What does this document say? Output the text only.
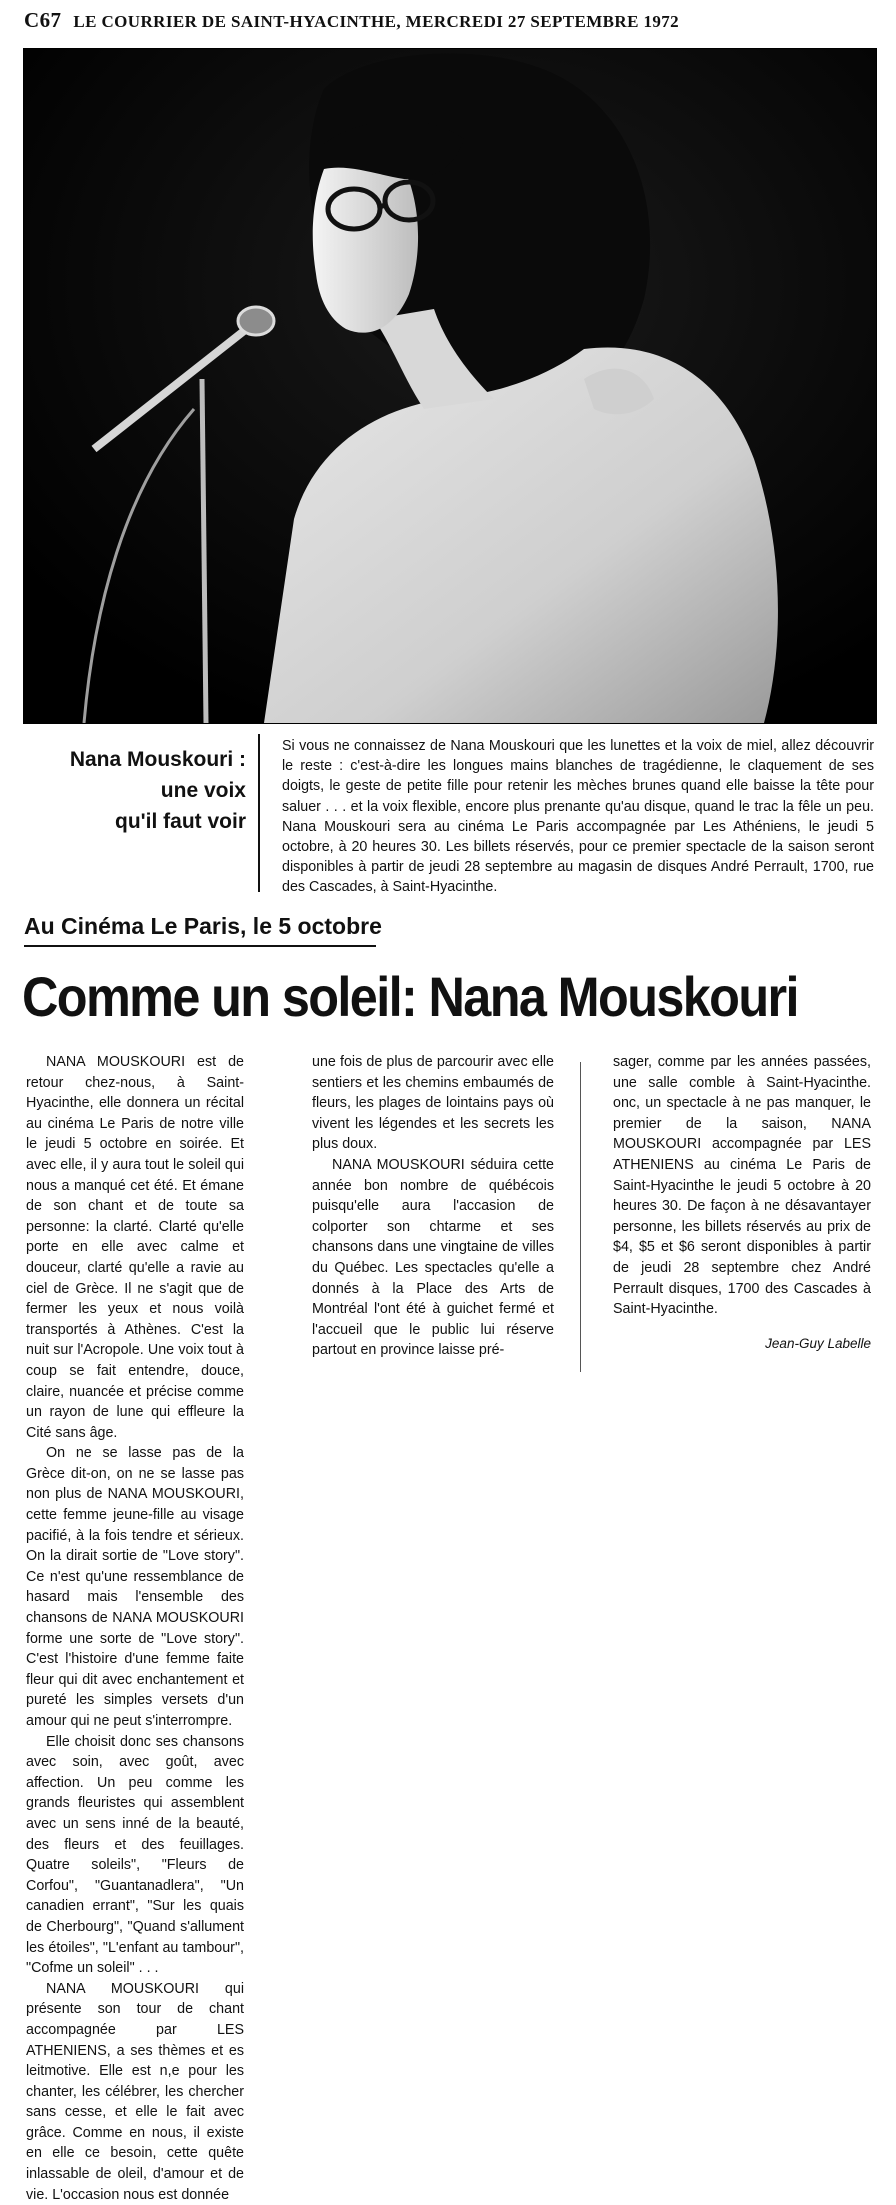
C67 LE COURRIER DE SAINT-HYACINTHE, MERCREDI 27 SEPTEMBRE 1972
Nana Mouskouri :
une voix
qu'il faut voir

Si vous ne connaissez de Nana Mouskouri que les lunettes et la voix de miel, allez découvrir le reste : c'est-à-dire les longues mains blanches de tragédienne, le claquement de ses doigts, le geste de petite fille pour retenir les mèches brunes quand elle baisse la tête pour saluer . . . et la voix flexible, encore plus prenante qu'au disque, quand le trac la fêle un peu. Nana Mouskouri sera au cinéma Le Paris accompagnée par Les Athéniens, le jeudi 5 octobre, à 20 heures 30. Les billets réservés, pour ce premier spectacle de la saison seront disponibles à partir de jeudi 28 septembre au magasin de disques André Perrault, 1700, rue des Cascades, à Saint-Hyacinthe.

Au Cinéma Le Paris, le 5 octobre
Comme un soleil: Nana Mouskouri

NANA MOUSKOURI est de retour chez-nous, à Saint-Hyacinthe, elle donnera un récital au cinéma Le Paris de notre ville le jeudi 5 octobre en soirée. Et avec elle, il y aura tout le soleil qui nous a manqué cet été. Et émane de son chant et de toute sa personne: la clarté. Clarté qu'elle porte en elle avec calme et douceur, clarté qu'elle a ravie au ciel de Grèce. Il ne s'agit que de fermer les yeux et nous voilà transportés à Athènes. C'est la nuit sur l'Acropole. Une voix tout à coup se fait entendre, douce, claire, nuancée et précise comme un rayon de lune qui effleure la Cité sans âge.

On ne se lasse pas de la Grèce dit-on, on ne se lasse pas non plus de NANA MOUSKOURI, cette femme jeune-fille au visage pacifié, à la fois tendre et sérieux. On la dirait sortie de "Love story". Ce n'est qu'une ressemblance de hasard mais l'ensemble des chansons de NANA MOUSKOURI forme une sorte de "Love story". C'est l'histoire d'une femme faite fleur qui dit avec enchantement et pureté les simples versets d'un amour qui ne peut s'interrompre.

Elle choisit donc ses chansons avec soin, avec goût, avec affection. Un peu comme les grands fleuristes qui assemblent avec un sens inné de la beauté, des fleurs et des feuillages. Quatre soleils", "Fleurs de Corfou", "Guantanadlera", "Un canadien errant", "Sur les quais de Cherbourg", "Quand s'allument les étoiles", "L'enfant au tambour", "Cofme un soleil" . . .

NANA MOUSKOURI qui présente son tour de chant accompagnée par LES ATHENIENS, a ses thèmes et es leitmotive. Elle est n,e pour les chanter, les célébrer, les chercher sans cesse, et elle le fait avec grâce. Comme en nous, il existe en elle ce besoin, cette quête inlassable de oleil, d'amour et de vie. L'occasion nous est donnée

une fois de plus de parcourir avec elle sentiers et les chemins embaumés de fleurs, les plages de lointains pays où vivent les légendes et les secrets les plus doux.

NANA MOUSKOURI séduira cette année bon nombre de québécois puisqu'elle aura l'accasion de colporter son chtarme et ses chansons dans une vingtaine de villes du Québec. Les spectacles qu'elle a donnés à la Place des Arts de Montréal l'ont été à guichet fermé et l'accueil que le public lui réserve partout en province laisse pré-

sager, comme par les années passées, une salle comble à Saint-Hyacinthe. onc, un spectacle à ne pas manquer, le premier de la saison, NANA MOUSKOURI accompagnée par LES ATHENIENS au cinéma Le Paris de Saint-Hyacinthe le jeudi 5 octobre à 20 heures 30. De façon à ne désavantayer personne, les billets réservés au prix de $4, $5 et $6 seront disponibles à partir de jeudi 28 septembre chez André Perrault disques, 1700 des Cascades à Saint-Hyacinthe.

Jean-Guy Labelle
